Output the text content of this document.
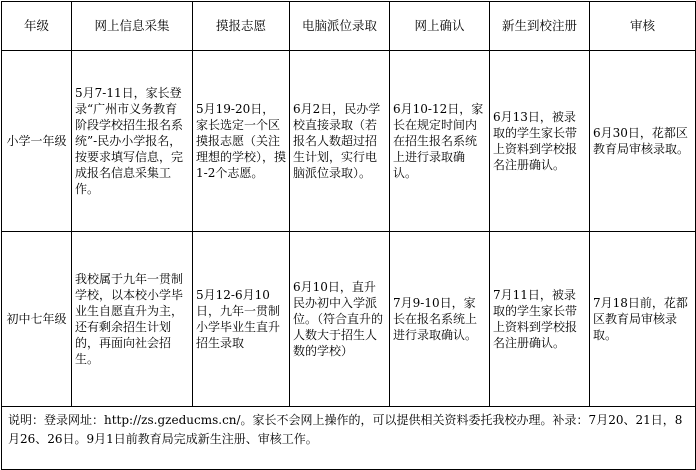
年级	网上信息采集	摸报志愿	电脑派位录取	网上确认	新生到校注册	审核
小学一年级	5月7-11日，家长登录“广州市义务教育阶段学校招生报名系统”-民办小学报名，按要求填写信息，完成报名信息采集工作。	5月19-20日，家长选定一个区摸报志愿（关注理想的学校），摸1-2个志愿。	6月2日，民办学校直接录取（若报名人数超过招生计划，实行电脑派位录取）。	6月10-12日，家长在规定时间内在招生报名系统上进行录取确认。	6月13日，被录取的学生家长带上资料到学校报名注册确认。	6月30日，花都区教育局审核录取。
初中七年级	我校属于九年一贯制学校，以本校小学毕业生自愿直升为主，还有剩余招生计划的，再面向社会招生。	5月12-6月10日，九年一贯制小学毕业生直升招生录取	6月10日，直升民办初中入学派位。（符合直升的人数大于招生人数的学校）	7月9-10日，家长在报名系统上进行录取确认。	7月11日，被录取的学生家长带上资料到学校报名注册确认。	7月18日前，花都区教育局审核录取。
说明：登录网址：http://zs.gzeducms.cn/。家长不会网上操作的，可以提供相关资料委托我校办理。补录：7月20、21日，8月26、26日。9月1日前教育局完成新生注册、审核工作。						
